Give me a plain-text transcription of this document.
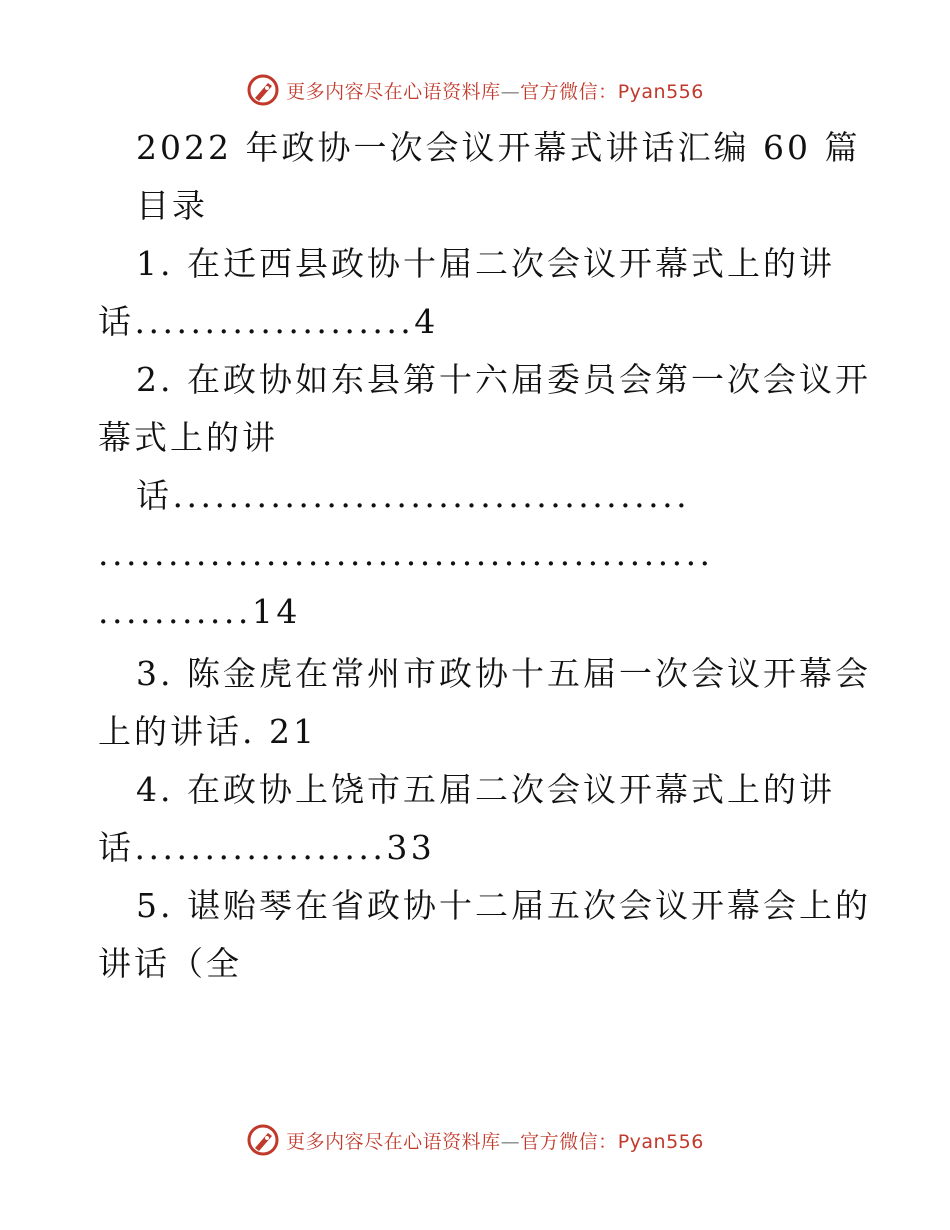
更多内容尽在心语资料库—官方微信：Pyan556
2022 年政协一次会议开幕式讲话汇编 60 篇
目录
1. 在迁西县政协十届二次会议开幕式上的讲
话....................4
2. 在政协如东县第十六届委员会第一次会议开
幕式上的讲
话.....................................
............................................
...........14
3. 陈金虎在常州市政协十五届一次会议开幕会
上的讲话. 21
4. 在政协上饶市五届二次会议开幕式上的讲
话..................33
5. 谌贻琴在省政协十二届五次会议开幕会上的
讲话（全
更多内容尽在心语资料库—官方微信：Pyan556
